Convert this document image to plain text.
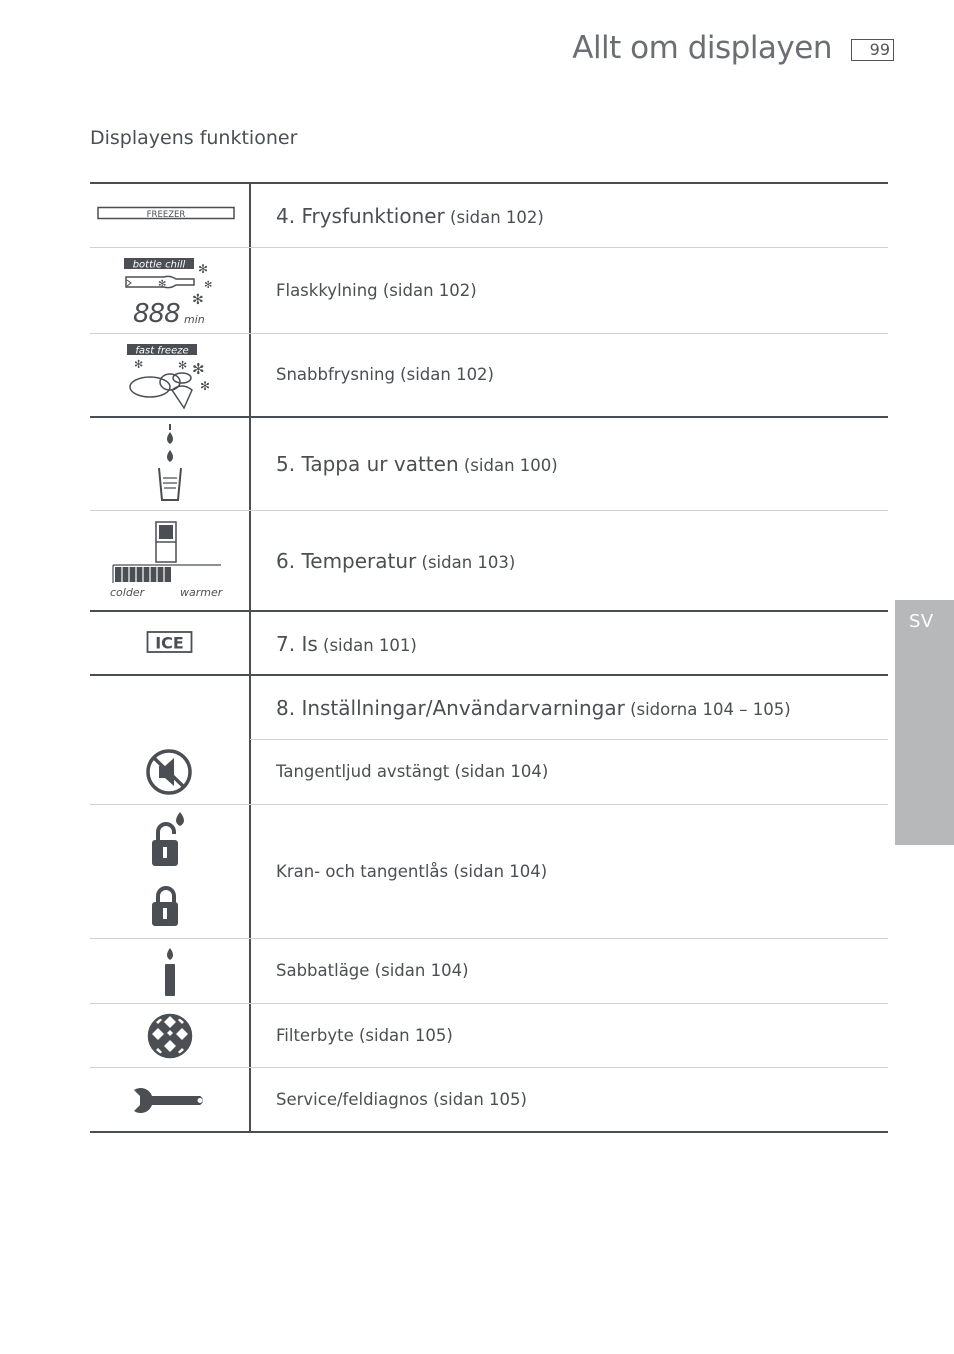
Allt om displayen	99
Displayens funktioner
SV
4. Frysfunktioner (sidan 102)
Flaskkylning (sidan 102)
Snabbfrysning (sidan 102)
5. Tappa ur vatten (sidan 100)
6. Temperatur (sidan 103)
7. Is (sidan 101)
8. Inställningar/Användarvarningar (sidorna 104 – 105)
Tangentljud avstängt (sidan 104)
Kran- och tangentlås (sidan 104)
Sabbatläge (sidan 104)
Filterbyte (sidan 105)
Service/feldiagnos (sidan 105)
FREEZER
bottle chill
✻
✻
✻
✻
888 min
fast freeze
✻	✻ ✻
✻
colder	warmer
ICE
